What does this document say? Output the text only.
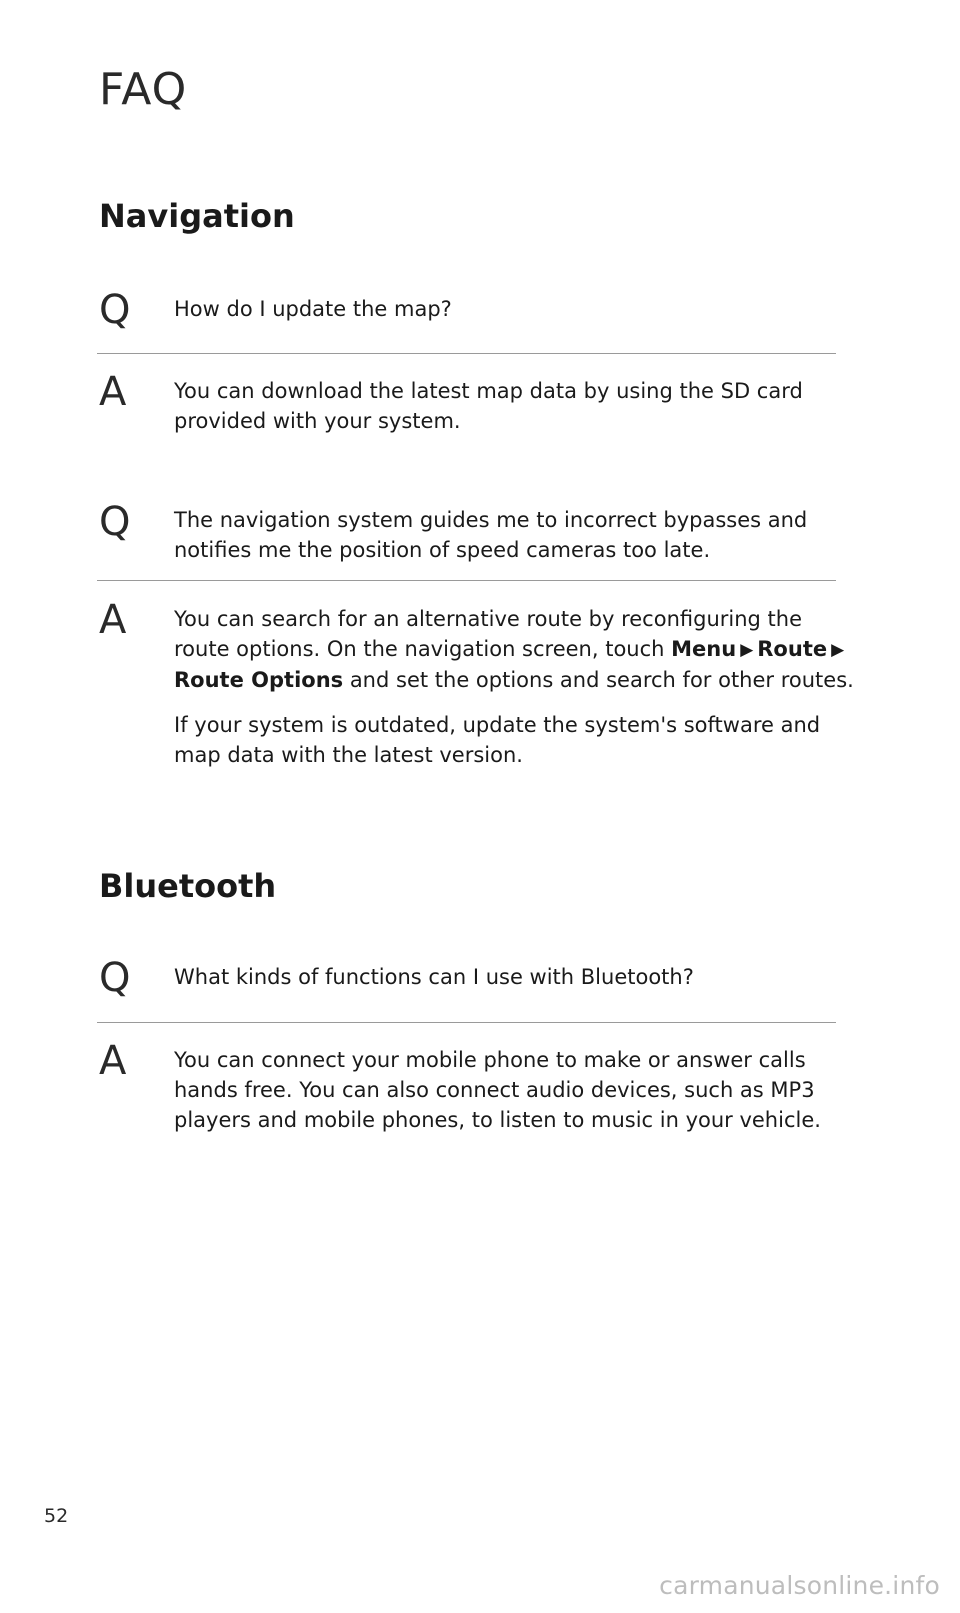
FAQ
Navigation
Q How do I update the map?

A You can download the latest map data by using the SD card provided with your system.

Q The navigation system guides me to incorrect bypasses and notifies me the position of speed cameras too late.

A You can search for an alternative route by reconfiguring the route options. On the navigation screen, touch Menu ▶ Route ▶Route Options and set the options and search for other routes.

If your system is outdated, update the system's software and map data with the latest version.

Bluetooth
Q What kinds of functions can I use with Bluetooth?

A You can connect your mobile phone to make or answer calls hands free. You can also connect audio devices, such as MP3 players and mobile phones, to listen to music in your vehicle.

52
carmanualsonline.info
